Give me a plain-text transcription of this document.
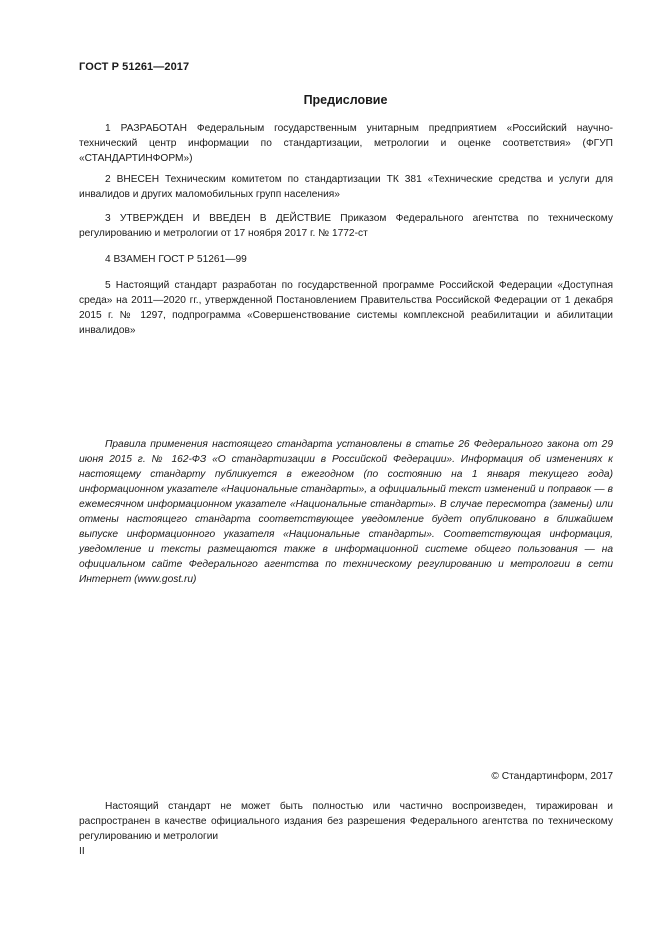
ГОСТ Р 51261—2017
Предисловие
1 РАЗРАБОТАН Федеральным государственным унитарным предприятием «Российский научно-технический центр информации по стандартизации, метрологии и оценке соответствия» (ФГУП «СТАНДАРТИНФОРМ»)
2 ВНЕСЕН Техническим комитетом по стандартизации ТК 381 «Технические средства и услуги для инвалидов и других маломобильных групп населения»
3 УТВЕРЖДЕН И ВВЕДЕН В ДЕЙСТВИЕ Приказом Федерального агентства по техническому регулированию и метрологии от 17 ноября 2017 г. № 1772-ст
4 ВЗАМЕН ГОСТ Р 51261—99
5 Настоящий стандарт разработан по государственной программе Российской Федерации «Доступная среда» на 2011—2020 гг., утвержденной Постановлением Правительства Российской Федерации от 1 декабря 2015 г. № 1297, подпрограмма «Совершенствование системы комплексной реабилитации и абилитации инвалидов»
Правила применения настоящего стандарта установлены в статье 26 Федерального закона от 29 июня 2015 г. № 162-ФЗ «О стандартизации в Российской Федерации». Информация об изменениях к настоящему стандарту публикуется в ежегодном (по состоянию на 1 января текущего года) информационном указателе «Национальные стандарты», а официальный текст изменений и поправок — в ежемесячном информационном указателе «Национальные стандарты». В случае пересмотра (замены) или отмены настоящего стандарта соответствующее уведомление будет опубликовано в ближайшем выпуске информационного указателя «Национальные стандарты». Соответствующая информация, уведомление и тексты размещаются также в информационной системе общего пользования — на официальном сайте Федерального агентства по техническому регулированию и метрологии в сети Интернет (www.gost.ru)
© Стандартинформ, 2017
Настоящий стандарт не может быть полностью или частично воспроизведен, тиражирован и распространен в качестве официального издания без разрешения Федерального агентства по техническому регулированию и метрологии
II
